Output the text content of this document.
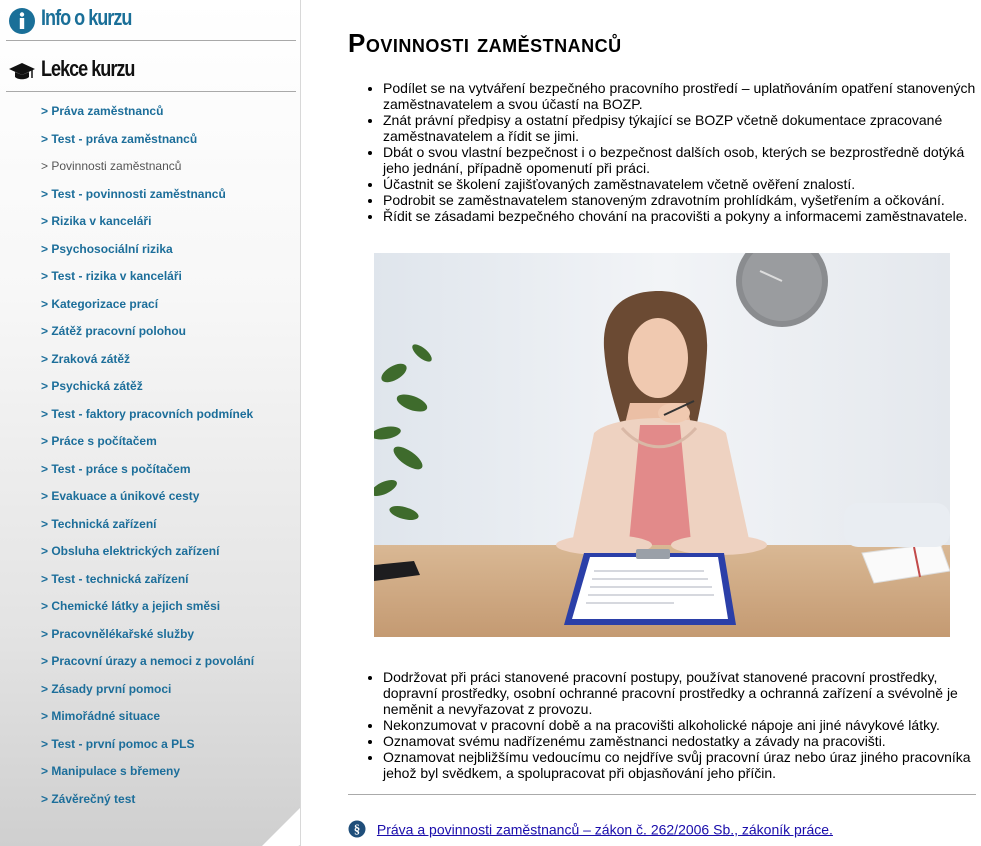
Info o kurzu
Lekce kurzu
> Práva zaměstnanců
> Test - práva zaměstnanců
> Povinnosti zaměstnanců
> Test - povinnosti zaměstnanců
> Rizika v kanceláři
> Psychosociální rizika
> Test - rizika v kanceláři
> Kategorizace prací
> Zátěž pracovní polohou
> Zraková zátěž
> Psychická zátěž
> Test - faktory pracovních podmínek
> Práce s počítačem
> Test - práce s počítačem
> Evakuace a únikové cesty
> Technická zařízení
> Obsluha elektrických zařízení
> Test - technická zařízení
> Chemické látky a jejich směsi
> Pracovnělékařské služby
> Pracovní úrazy a nemoci z povolání
> Zásady první pomoci
> Mimořádné situace
> Test - první pomoc a PLS
> Manipulace s břemeny
> Závěrečný test
Povinnosti zaměstnanců
• Podílet se na vytváření bezpečného pracovního prostředí – uplatňováním opatření stanovených zaměstnavatelem a svou účastí na BOZP.
• Znát právní předpisy a ostatní předpisy týkající se BOZP včetně dokumentace zpracované zaměstnavatelem a řídit se jimi.
• Dbát o svou vlastní bezpečnost i o bezpečnost dalších osob, kterých se bezprostředně dotýká jeho jednání, případně opomenutí při práci.
• Účastnit se školení zajišťovaných zaměstnavatelem včetně ověření znalostí.
• Podrobit se zaměstnavatelem stanoveným zdravotním prohlídkám, vyšetřením a očkování.
• Řídit se zásadami bezpečného chování na pracovišti a pokyny a informacemi zaměstnavatele.
• Dodržovat při práci stanovené pracovní postupy, používat stanovené pracovní prostředky, dopravní prostředky, osobní ochranné pracovní prostředky a ochranná zařízení a svévolně je neměnit a nevyřazovat z provozu.
• Nekonzumovat v pracovní době a na pracovišti alkoholické nápoje ani jiné návykové látky.
• Oznamovat svému nadřízenému zaměstnanci nedostatky a závady na pracovišti.
• Oznamovat nejbližšímu vedoucímu co nejdříve svůj pracovní úraz nebo úraz jiného pracovníka jehož byl svědkem, a spolupracovat při objasňování jeho příčin.
§ Práva a povinnosti zaměstnanců – zákon č. 262/2006 Sb., zákoník práce.
